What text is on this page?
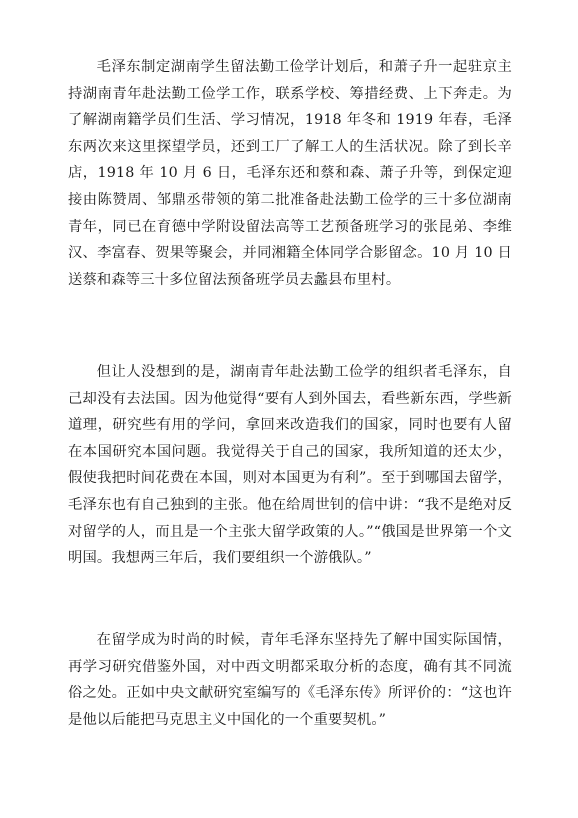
毛泽东制定湖南学生留法勤工俭学计划后，和萧子升一起驻京主持湖南青年赴法勤工俭学工作，联系学校、筹措经费、上下奔走。为了解湖南籍学员们生活、学习情况，1918 年冬和 1919 年春，毛泽东两次来这里探望学员，还到工厂了解工人的生活状况。除了到长辛店，1918 年 10 月 6 日，毛泽东还和蔡和森、萧子升等，到保定迎接由陈赞周、邹鼎丞带领的第二批准备赴法勤工俭学的三十多位湖南青年，同已在育德中学附设留法高等工艺预备班学习的张昆弟、李维汉、李富春、贺果等聚会，并同湘籍全体同学合影留念。10 月 10 日送蔡和森等三十多位留法预备班学员去蠡县布里村。

但让人没想到的是，湖南青年赴法勤工俭学的组织者毛泽东，自己却没有去法国。因为他觉得“要有人到外国去，看些新东西，学些新道理，研究些有用的学问，拿回来改造我们的国家，同时也要有人留在本国研究本国问题。我觉得关于自己的国家，我所知道的还太少，假使我把时间花费在本国，则对本国更为有利”。至于到哪国去留学，毛泽东也有自己独到的主张。他在给周世钊的信中讲：“我不是绝对反对留学的人，而且是一个主张大留学政策的人。”“俄国是世界第一个文明国。我想两三年后，我们要组织一个游俄队。”

在留学成为时尚的时候，青年毛泽东坚持先了解中国实际国情，再学习研究借鉴外国，对中西文明都采取分析的态度，确有其不同流俗之处。正如中央文献研究室编写的《毛泽东传》所评价的：“这也许是他以后能把马克思主义中国化的一个重要契机。”
